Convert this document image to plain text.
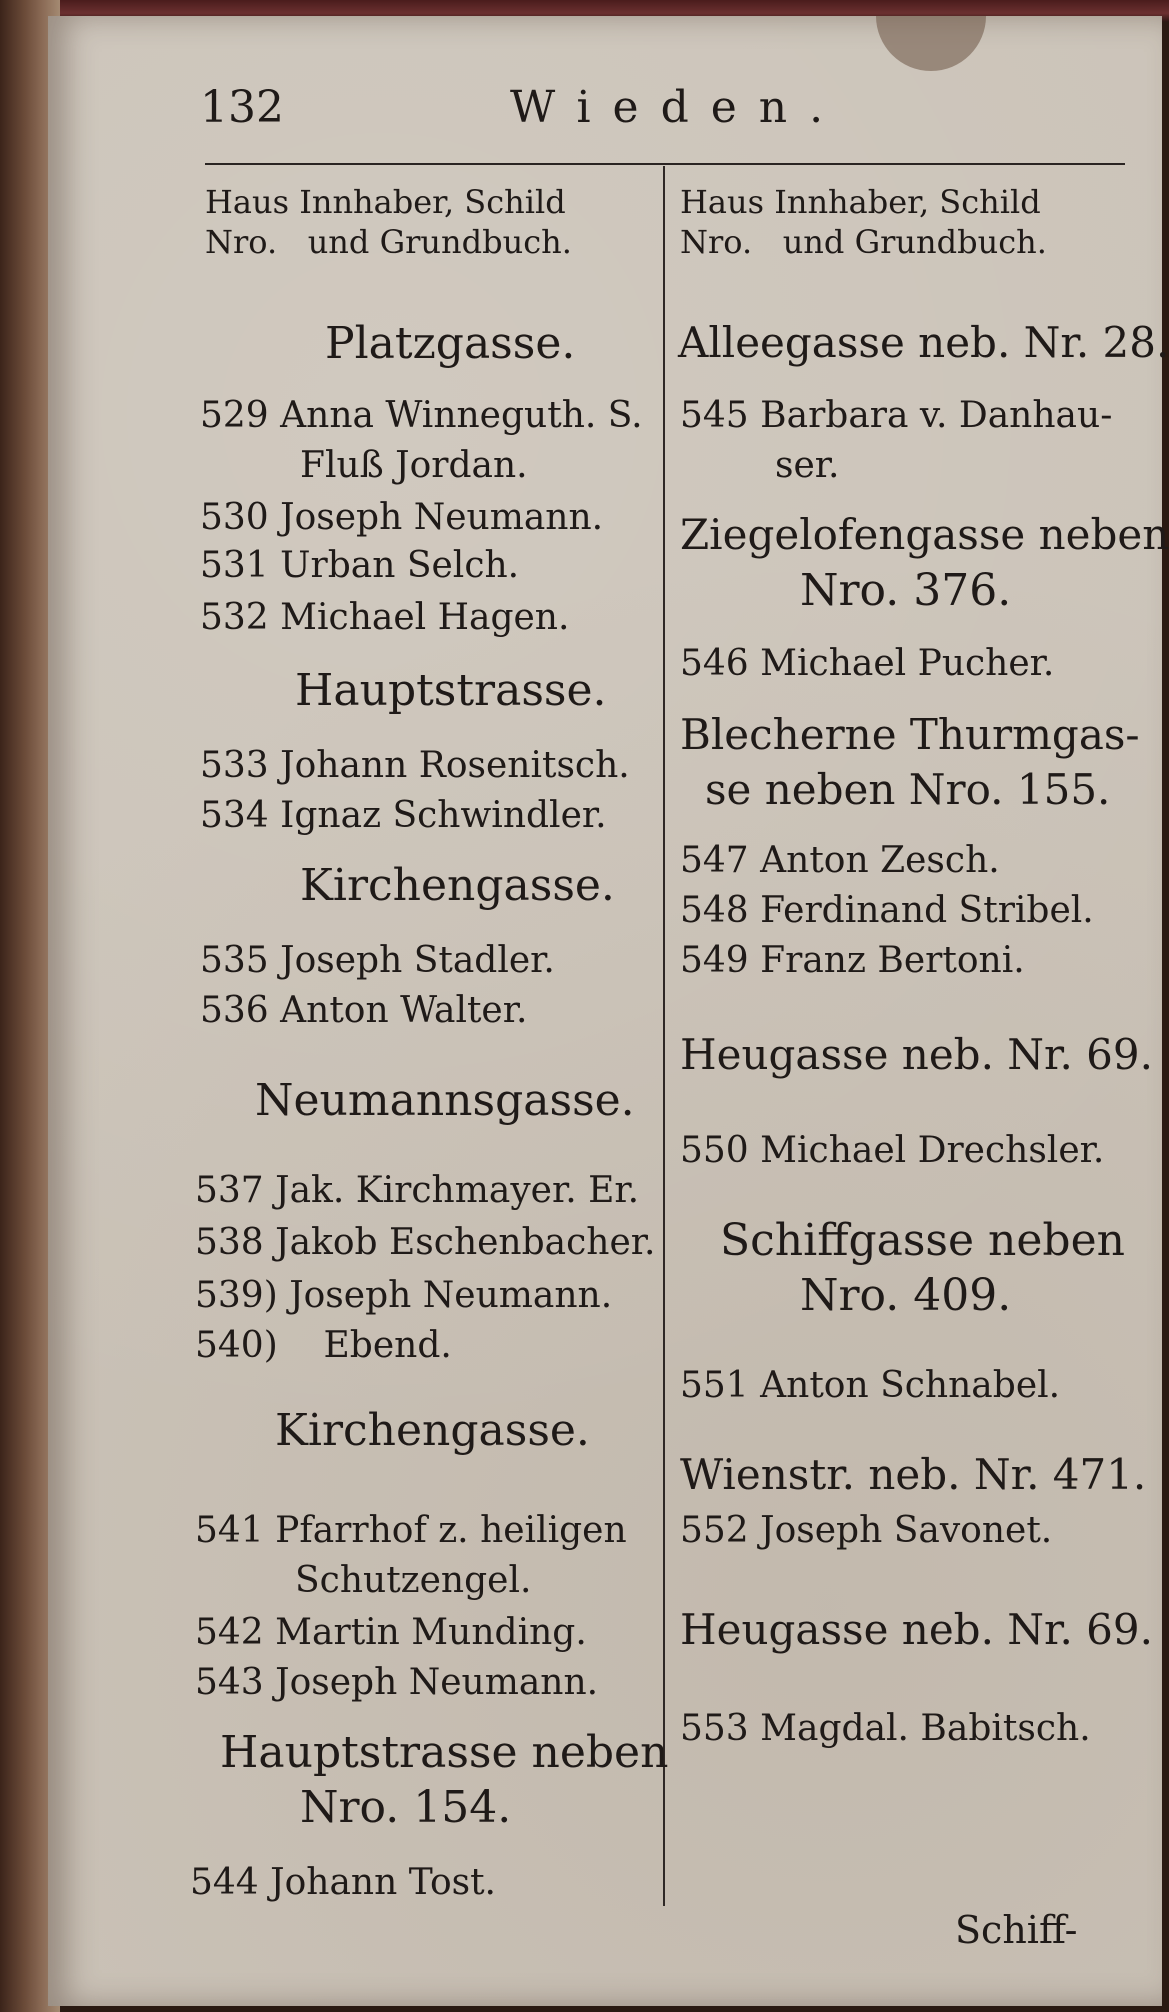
132	Wieden.
Haus Innhaber, Schild
Nro.   und Grundbuch.
Haus Innhaber, Schild
Nro.   und Grundbuch.
Platzgasse.
529 Anna Winneguth. S.
Fluß Jordan.
530 Joseph Neumann.
531 Urban Selch.
532 Michael Hagen.
Hauptstrasse.
533 Johann Rosenitsch.
534 Ignaz Schwindler.
Kirchengasse.
535 Joseph Stadler.
536 Anton Walter.
Neumannsgasse.
537 Jak. Kirchmayer. Er.
538 Jakob Eschenbacher.
539) Joseph Neumann.
540)    Ebend.
Kirchengasse.
541 Pfarrhof z. heiligen
Schutzengel.
542 Martin Munding.
543 Joseph Neumann.
Hauptstrasse neben
Nro. 154.
544 Johann Tost.
Alleegasse neb. Nr. 28.
545 Barbara v. Danhau-
ser.
Ziegelofengasse neben
Nro. 376.
546 Michael Pucher.
Blecherne Thurmgas-
se neben Nro. 155.
547 Anton Zesch.
548 Ferdinand Stribel.
549 Franz Bertoni.
Heugasse neb. Nr. 69.
550 Michael Drechsler.
Schiffgasse neben
Nro. 409.
551 Anton Schnabel.
Wienstr. neb. Nr. 471.
552 Joseph Savonet.
Heugasse neb. Nr. 69.
553 Magdal. Babitsch.
Schiff-
